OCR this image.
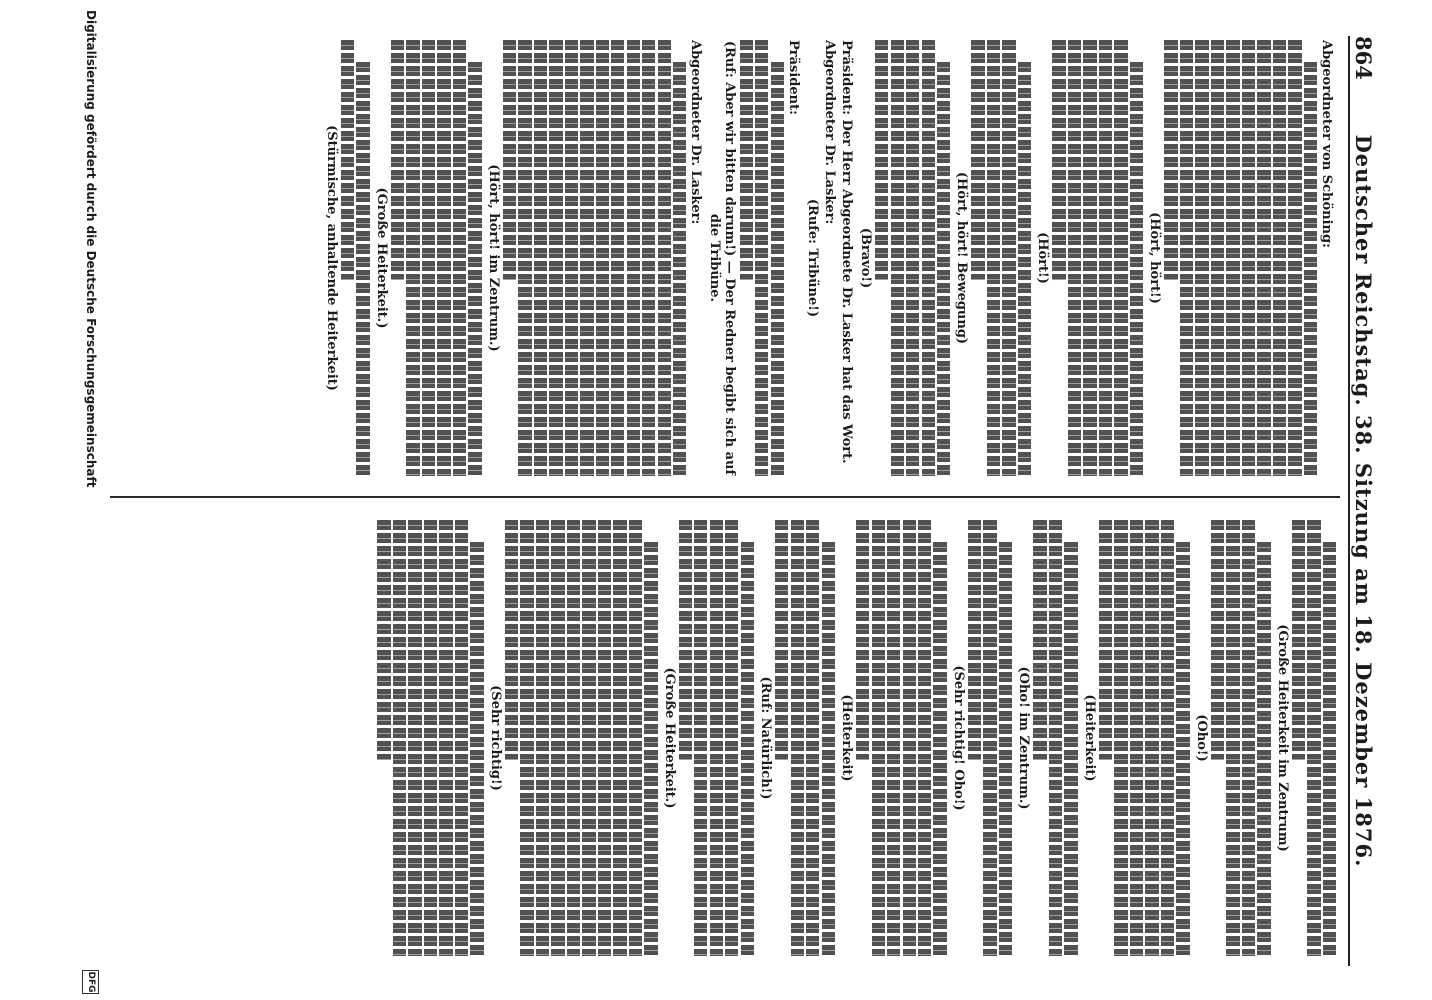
864
Deutscher Reichstag. 38. Sitzung am 18. Dezember 1876.
Abgeordneter von Schöning:
(Hört, hört!)
(Hört!)
(Hört, hört! Bewegung)
(Bravo!)
Präsident: Der Herr Abgeordnete Dr. Lasker hat das Wort.
Abgeordneter Dr. Lasker:
(Rufe: Tribüne!)
Präsident:
(Ruf: Aber wir bitten darum!) — Der Redner begibt sich auf die Tribüne.
Abgeordneter Dr. Lasker:
(Hört, hört! im Zentrum.)
(Große Heiterkeit.)
(Stürmische, anhaltende Heiterkeit)
(Große Heiterkeit im Zentrum)
(Oho!)
(Heiterkeit)
(Oho! im Zentrum.)
(Sehr richtig! Oho!)
(Heiterkeit)
(Ruf: Natürlich!)
(Große Heiterkeit.)
(Sehr richtig!)
Digitalisierung gefördert durch die Deutsche Forschungsgemeinschaft
DFG
